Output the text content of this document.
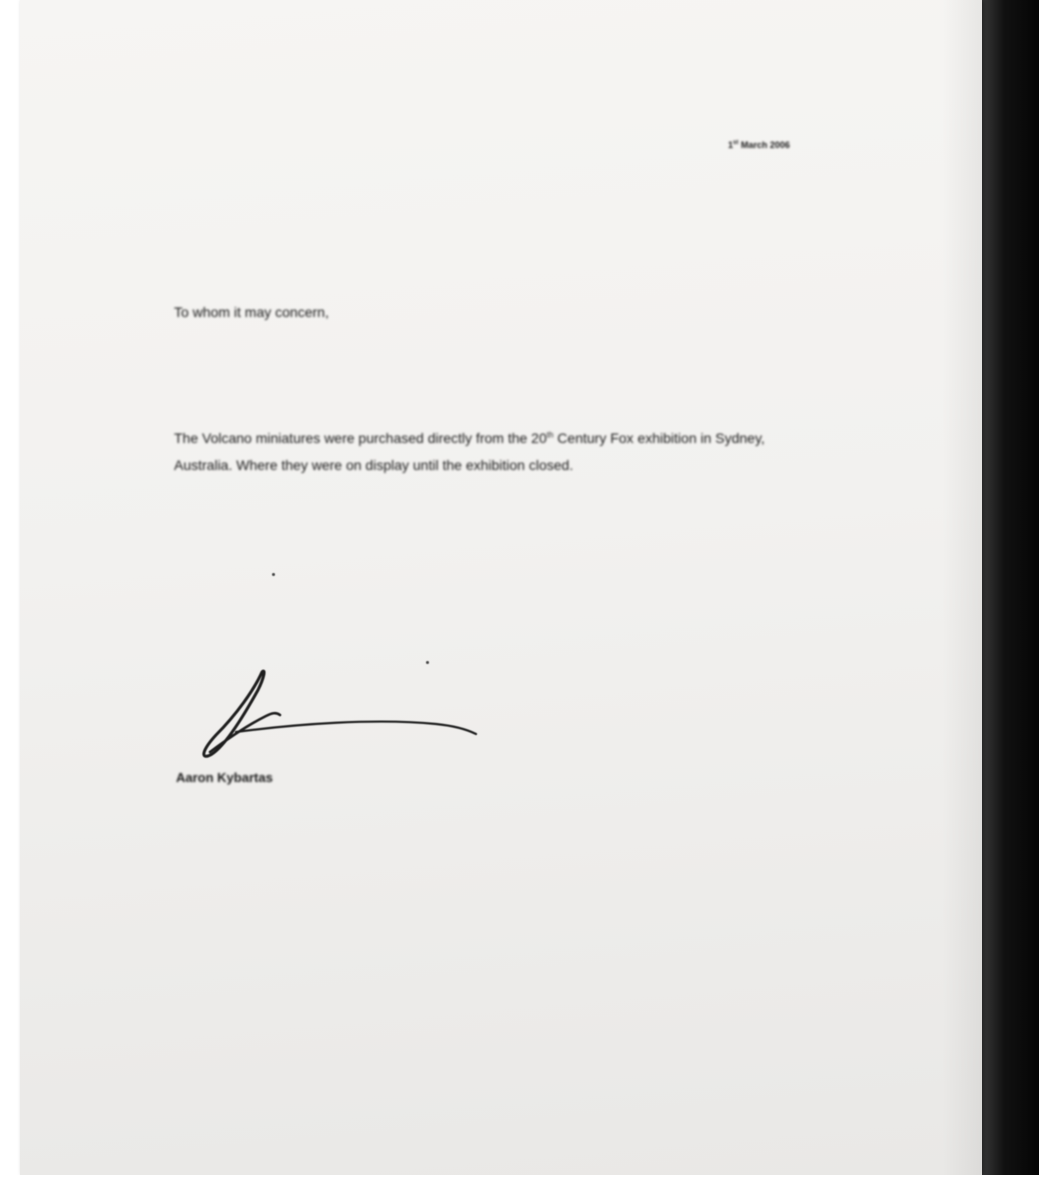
1st March 2006
To whom it may concern,
The Volcano miniatures were purchased directly from the 20th Century Fox exhibition in Sydney, Australia. Where they were on display until the exhibition closed.
Aaron Kybartas
